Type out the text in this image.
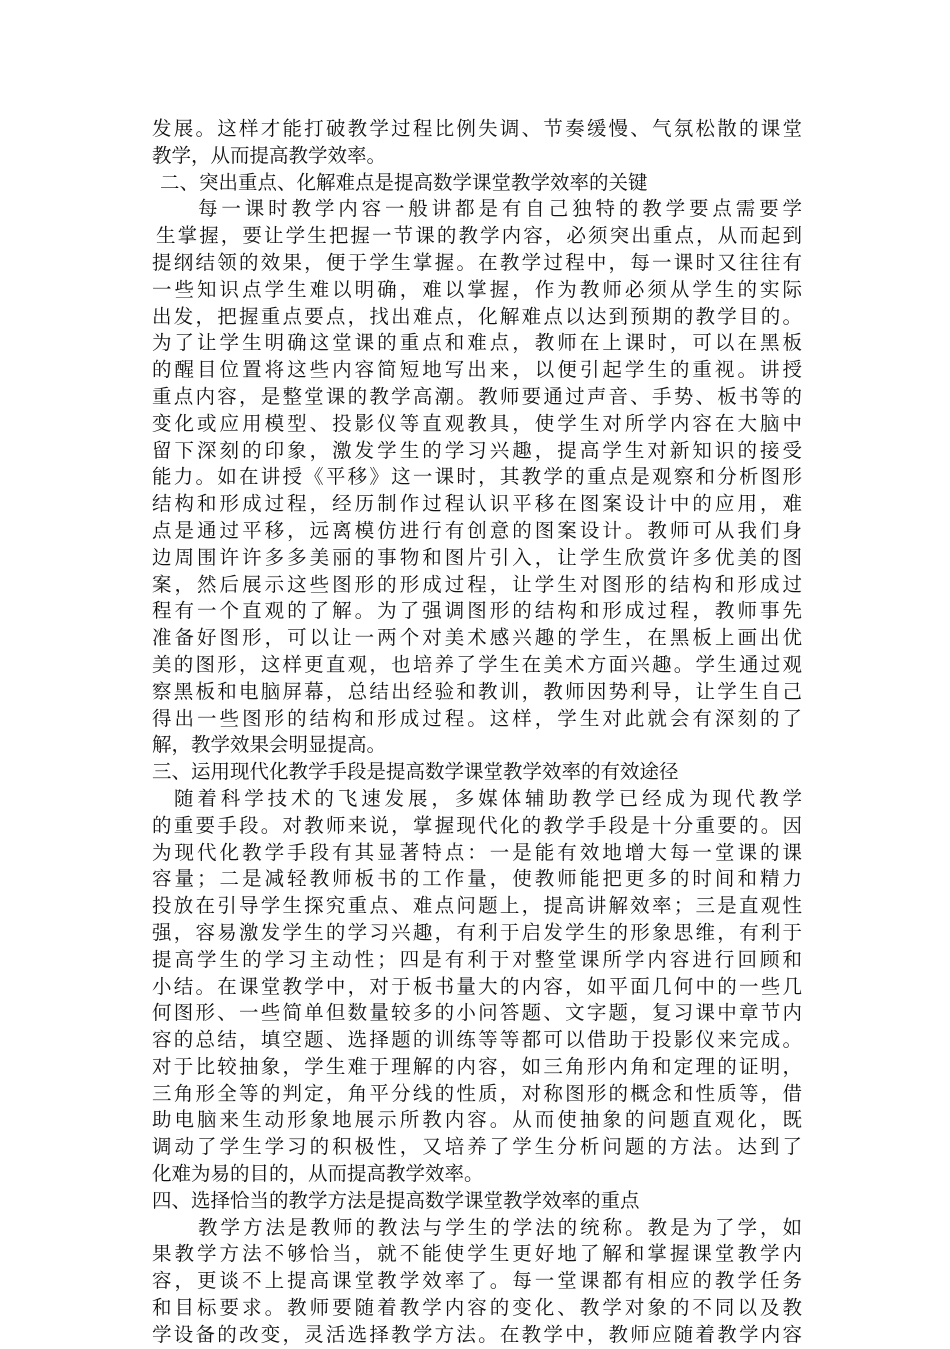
发展。这样才能打破教学过程比例失调、节奏缓慢、气氛松散的课堂
教学，从而提高教学效率。
二、突出重点、化解难点是提高数学课堂教学效率的关键
每一课时教学内容一般讲都是有自己独特的教学要点需要学
生掌握，要让学生把握一节课的教学内容，必须突出重点，从而起到
提纲结领的效果，便于学生掌握。在教学过程中，每一课时又往往有
一些知识点学生难以明确，难以掌握，作为教师必须从学生的实际
出发，把握重点要点，找出难点，化解难点以达到预期的教学目的。
为了让学生明确这堂课的重点和难点，教师在上课时，可以在黑板
的醒目位置将这些内容简短地写出来，以便引起学生的重视。讲授
重点内容，是整堂课的教学高潮。教师要通过声音、手势、板书等的
变化或应用模型、投影仪等直观教具，使学生对所学内容在大脑中
留下深刻的印象，激发学生的学习兴趣，提高学生对新知识的接受
能力。如在讲授《平移》这一课时，其教学的重点是观察和分析图形
结构和形成过程，经历制作过程认识平移在图案设计中的应用，难
点是通过平移，远离模仿进行有创意的图案设计。教师可从我们身
边周围许许多多美丽的事物和图片引入，让学生欣赏许多优美的图
案，然后展示这些图形的形成过程，让学生对图形的结构和形成过
程有一个直观的了解。为了强调图形的结构和形成过程，教师事先
准备好图形，可以让一两个对美术感兴趣的学生，在黑板上画出优
美的图形，这样更直观，也培养了学生在美术方面兴趣。学生通过观
察黑板和电脑屏幕，总结出经验和教训，教师因势利导，让学生自己
得出一些图形的结构和形成过程。这样，学生对此就会有深刻的了
解，教学效果会明显提高。
三、运用现代化教学手段是提高数学课堂教学效率的有效途径
随着科学技术的飞速发展，多媒体辅助教学已经成为现代教学
的重要手段。对教师来说，掌握现代化的教学手段是十分重要的。因
为现代化教学手段有其显著特点：一是能有效地增大每一堂课的课
容量；二是减轻教师板书的工作量，使教师能把更多的时间和精力
投放在引导学生探究重点、难点问题上，提高讲解效率；三是直观性
强，容易激发学生的学习兴趣，有利于启发学生的形象思维，有利于
提高学生的学习主动性；四是有利于对整堂课所学内容进行回顾和
小结。在课堂教学中，对于板书量大的内容，如平面几何中的一些几
何图形、一些简单但数量较多的小问答题、文字题，复习课中章节内
容的总结，填空题、选择题的训练等等都可以借助于投影仪来完成。
对于比较抽象，学生难于理解的内容，如三角形内角和定理的证明，
三角形全等的判定，角平分线的性质，对称图形的概念和性质等，借
助电脑来生动形象地展示所教内容。从而使抽象的问题直观化，既
调动了学生学习的积极性，又培养了学生分析问题的方法。达到了
化难为易的目的，从而提高教学效率。
四、选择恰当的教学方法是提高数学课堂教学效率的重点
教学方法是教师的教法与学生的学法的统称。教是为了学，如
果教学方法不够恰当，就不能使学生更好地了解和掌握课堂教学内
容，更谈不上提高课堂教学效率了。每一堂课都有相应的教学任务
和目标要求。教师要随着教学内容的变化、教学对象的不同以及教
学设备的改变，灵活选择教学方法。在教学中，教师应随着教学内容
